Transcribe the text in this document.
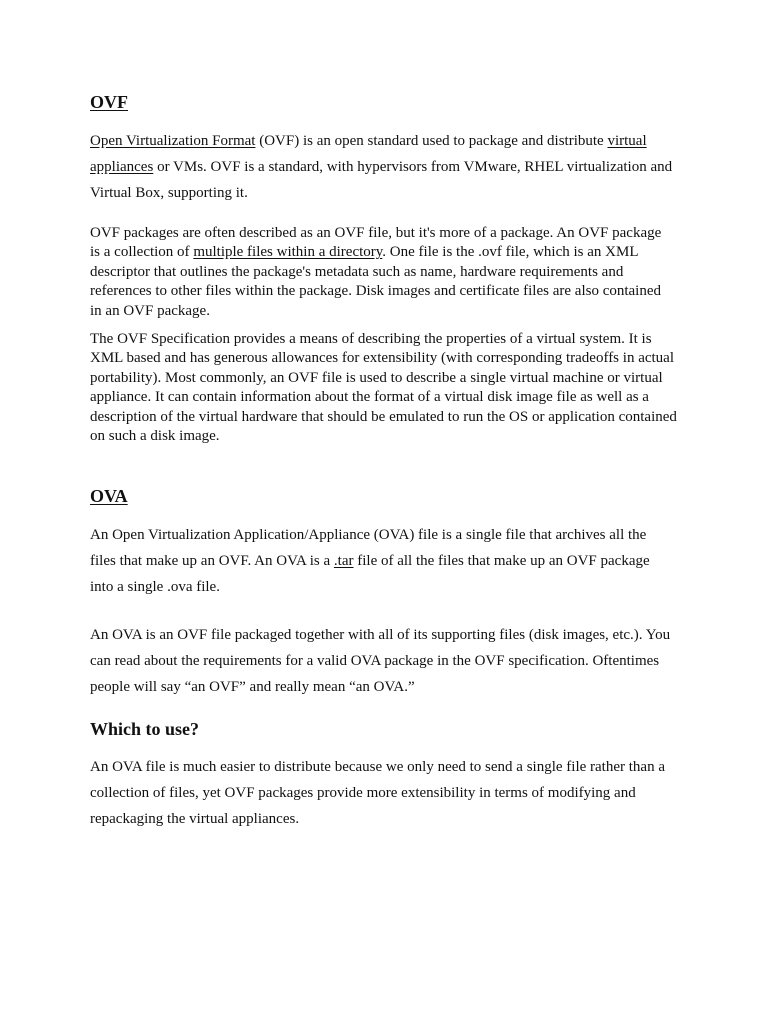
OVF

Open Virtualization Format (OVF) is an open standard used to package and distribute virtual appliances or VMs. OVF is a standard, with hypervisors from VMware, RHEL virtualization and Virtual Box, supporting it.

OVF packages are often described as an OVF file, but it's more of a package. An OVF package is a collection of multiple files within a directory. One file is the .ovf file, which is an XML descriptor that outlines the package's metadata such as name, hardware requirements and references to other files within the package. Disk images and certificate files are also contained in an OVF package.

The OVF Specification provides a means of describing the properties of a virtual system. It is XML based and has generous allowances for extensibility (with corresponding tradeoffs in actual portability). Most commonly, an OVF file is used to describe a single virtual machine or virtual appliance. It can contain information about the format of a virtual disk image file as well as a description of the virtual hardware that should be emulated to run the OS or application contained on such a disk image.

OVA

An Open Virtualization Application/Appliance (OVA) file is a single file that archives all the files that make up an OVF. An OVA is a .tar file of all the files that make up an OVF package into a single .ova file.

An OVA is an OVF file packaged together with all of its supporting files (disk images, etc.). You can read about the requirements for a valid OVA package in the OVF specification. Oftentimes people will say “an OVF” and really mean “an OVA.”

Which to use?

An OVA file is much easier to distribute because we only need to send a single file rather than a collection of files, yet OVF packages provide more extensibility in terms of modifying and repackaging the virtual appliances.
